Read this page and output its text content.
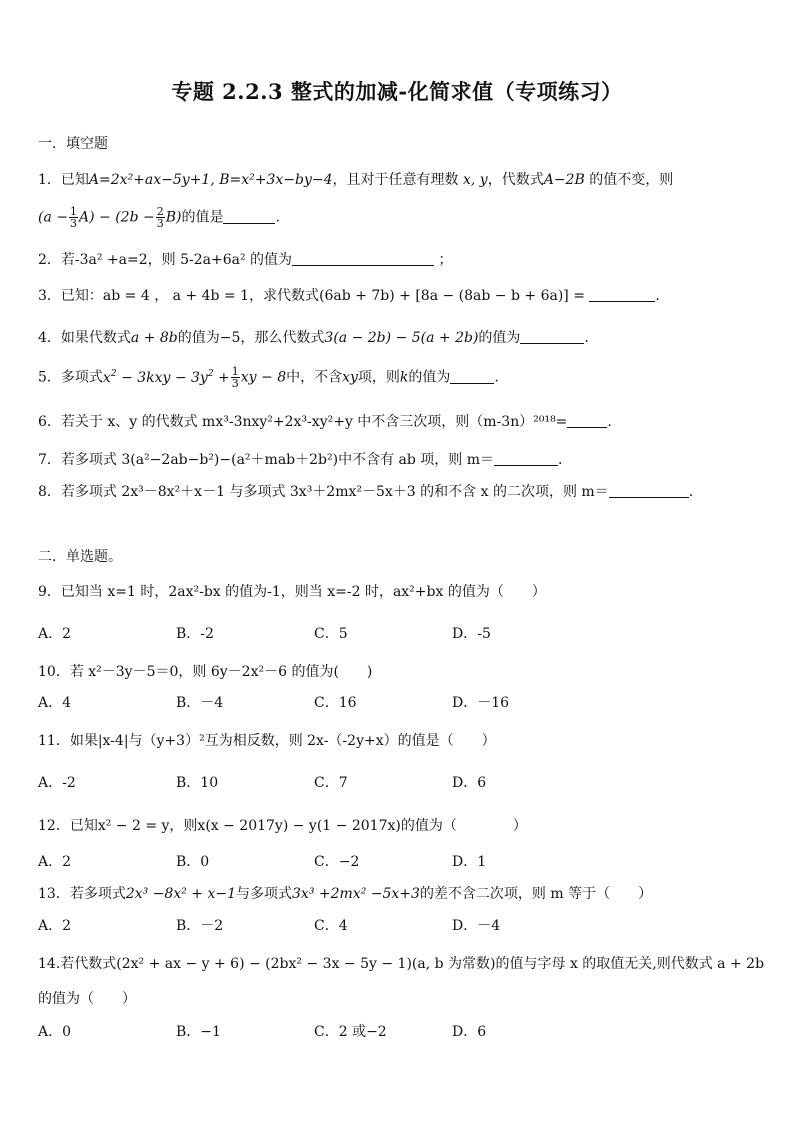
专题 2.2.3 整式的加减-化简求值（专项练习）
一．填空题
1．已知A=2x²+ax−5y+1, B=x²+3x−by−4，且对于任意有理数 x, y，代数式A−2B 的值不变，则
$(a - \frac{1}{3} A) - (2b - \frac{2}{3} B)$的值是	.
2．若-3a² +a=2，则 5-2a+6a² 的值为	；
3．已知：ab = 4 ， a + 4b = 1，求代数式(6ab + 7b) + [8a − (8ab − b + 6a)] =	.
4．如果代数式a + 8b的值为−5，那么代数式3(a − 2b) − 5(a + 2b)的值为	.
5．多项式$x^2 - 3kxy - 3y^2 + \frac{1}{3}$ xy − 8中，不含xy项，则k的值为	.
6．若关于 x、y 的代数式 mx³-3nxy²+2x³-xy²+y 中不含三次项，则（m-3n）²⁰¹⁸=	.
7．若多项式 3(a²−2ab−b²)−(a²＋mab＋2b²)中不含有 ab 项，则 m＝	.
8．若多项式 2x³－8x²＋x－1 与多项式 3x³＋2mx²－5x＋3 的和不含 x 的二次项，则 m＝	.
二．单选题。
9．已知当 x=1 时，2ax²-bx 的值为-1，则当 x=-2 时，ax²+bx 的值为（　　）
A．2	B．-2	C．5	D．-5
10．若 x²－3y－5＝0，则 6y－2x²－6 的值为(　　)
A．4	B．－4	C．16	D．－16
11．如果|x-4|与（y+3）²互为相反数，则 2x-（-2y+x）的值是（　　）
A．-2	B．10	C．7	D．6
12．已知x² − 2 = y，则x(x − 2017y) − y(1 − 2017x)的值为（　　　　）
A．2	B．0	C．−2	D．1
13．若多项式2x³ −8x² + x−1与多项式3x³ +2mx² −5x+3的差不含二次项，则 m 等于（　　）
A．2	B．－2	C．4	D．－4
14.若代数式(2x² + ax − y + 6) − (2bx² − 3x − 5y − 1)(a, b 为常数)的值与字母 x 的取值无关,则代数式 a + 2b
的值为（　　）
A．0	B．−1	C．2 或−2	D．6
